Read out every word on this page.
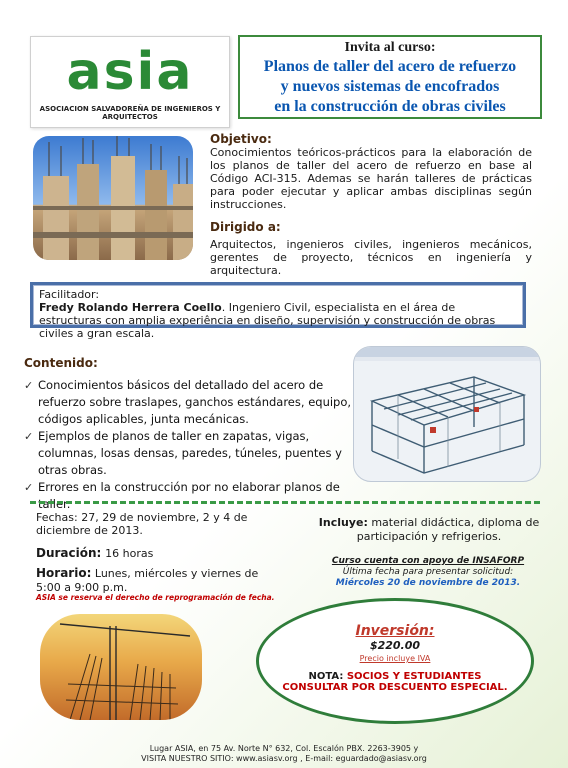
asia
ASOCIACION SALVADOREÑA DE INGENIEROS Y ARQUITECTOS
Invita al curso:
Planos de taller del acero de refuerzo
y nuevos sistemas de encofrados
en la construcción de obras civiles
Objetivo:
Conocimientos teóricos-prácticos para la elaboración de los planos de taller del acero de refuerzo en base al Código ACI-315. Ademas se harán talleres de prácticas para poder ejecutar y aplicar ambas disciplinas según instrucciones.
Dirigido a:
Arquitectos, ingenieros civiles, ingenieros mecánicos, gerentes de proyecto, técnicos en ingeniería y arquitectura.
Facilitador:
Fredy Rolando Herrera Coello. Ingeniero Civil, especialista en el área de estructuras con amplia experiência en diseño, supervisión y construcción de obras civiles a gran escala.
Contenido:
✓ Conocimientos básicos del detallado del acero de refuerzo sobre traslapes, ganchos estándares, equipo, códigos aplicables, junta mecánicas.
✓ Ejemplos de planos de taller en zapatas, vigas, columnas, losas densas, paredes, túneles, puentes y otras obras.
✓ Errores en la construcción por no elaborar planos de taller.
Fechas: 27, 29 de noviembre, 2 y 4 de diciembre de 2013.
Duración: 16 horas
Horario: Lunes, miércoles y viernes de 5:00 a 9:00 p.m.
ASIA se reserva el derecho de reprogramación de fecha.
Incluye: material didáctica, diploma de participación y refrigerios.
Curso cuenta con apoyo de INSAFORP
Última fecha para presentar solicitud:
Miércoles 20 de noviembre de 2013.
Inversión:
$220.00
Precio incluye IVA
NOTA: SOCIOS Y ESTUDIANTES
CONSULTAR POR DESCUENTO ESPECIAL.
Lugar ASIA, en 75 Av. Norte N° 632, Col. Escalón PBX. 2263-3905 y
VISITA NUESTRO SITIO: www.asiasv.org , E-mail: eguardado@asiasv.org
